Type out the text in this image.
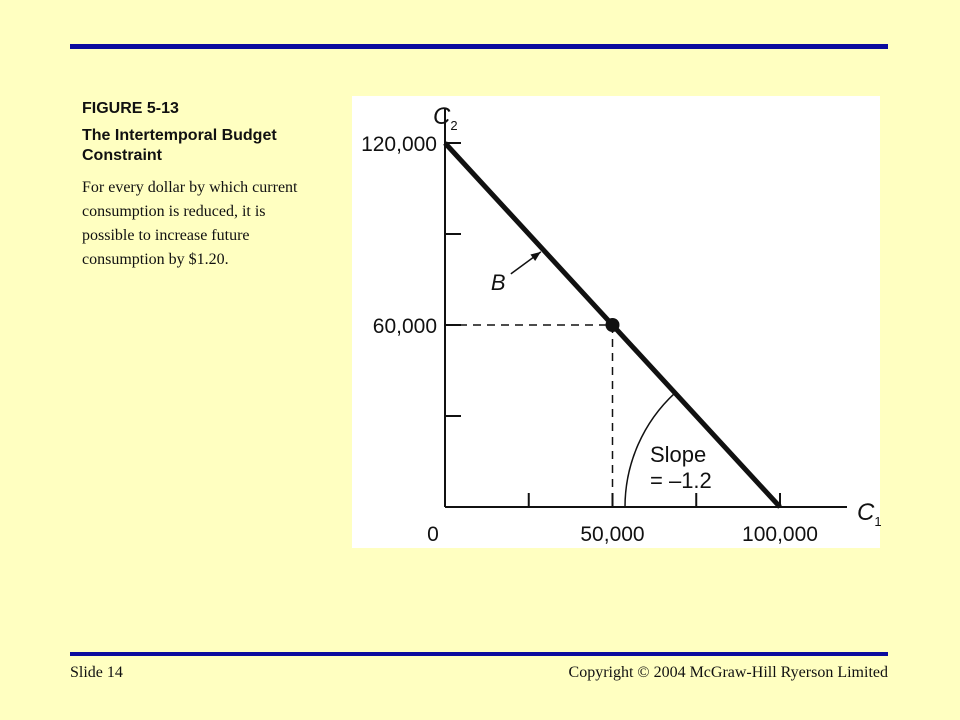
FIGURE 5-13

The Intertemporal Budget Constraint

For every dollar by which current consumption is reduced, it is possible to increase future consumption by $1.20.

0	50,000	100,000
60,000
120,000
B
Slope
= –1.2
$C_2$
$C_1$
Slide 14	Copyright © 2004 McGraw-Hill Ryerson Limited
